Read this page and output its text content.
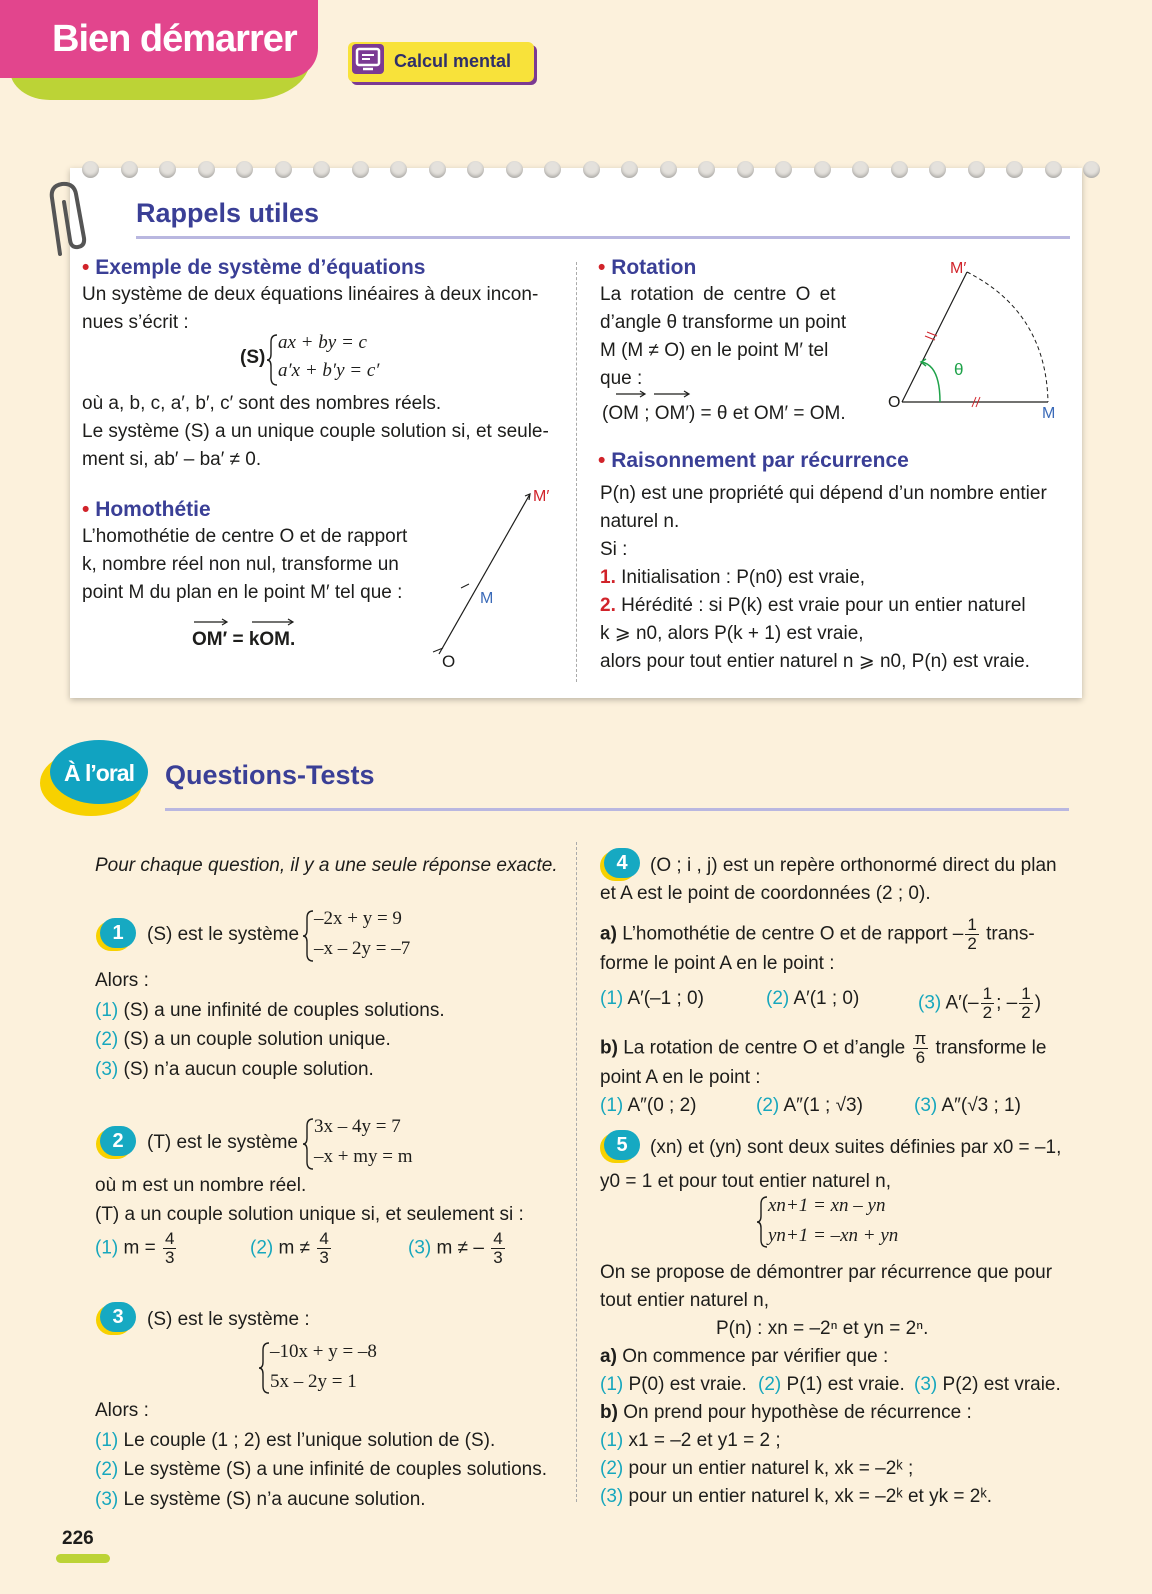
Bien démarrer
Calcul mental
Rappels utiles
• Exemple de système d’équations
Un système de deux équations linéaires à deux incon-
nues s’écrit :
(S)
ax + by = c
a′x + b′y = c′
où a, b, c, a′, b′, c′ sont des nombres réels.
Le système (S) a un unique couple solution si, et seule-
ment si, ab′ – ba′ ≠ 0.
• Homothétie
L’homothétie de centre O et de rapport
k, nombre réel non nul, transforme un
point M du plan en le point M′ tel que :
OM′ = kOM.
O
M
M′
• Rotation
La rotation de centre O et
d’angle θ transforme un point
M (M ≠ O) en le point M′ tel
que :
(OM ; OM′) = θ et OM′ = OM.
O
M
M′
θ
• Raisonnement par récurrence
P(n) est une propriété qui dépend d’un nombre entier
naturel n.
Si :
1. Initialisation : P(n0) est vraie,
2. Hérédité : si P(k) est vraie pour un entier naturel
k ⩾ n0, alors P(k + 1) est vraie,
alors pour tout entier naturel n ⩾ n0, P(n) est vraie.
À l’oral Questions-Tests
Pour chaque question, il y a une seule réponse exacte.
1	(S) est le système
–2x + y = 9
–x – 2y = –7
Alors :
(1) (S) a une infinité de couples solutions.
(2) (S) a un couple solution unique.
(3) (S) n’a aucun couple solution.
2	(T) est le système
3x – 4y = 7
–x + my = m
où m est un nombre réel.
(T) a un couple solution unique si, et seulement si :
(1) $m = \frac{4}{3}$	(2) $m \ne \frac{4}{3}$	(3) m ≠ – $\frac{4}{3}$
3	(S) est le système :
–10x + y = –8
5x – 2y = 1
Alors :
(1) Le couple (1 ; 2) est l’unique solution de (S).
(2) Le système (S) a une infinité de couples solutions.
(3) Le système (S) n’a aucune solution.
4	(O ; i , j) est un repère orthonormé direct du plan
et A est le point de coordonnées (2 ; 0).
a) L’homothétie de centre O et de rapport – $\frac{1}{2}$ trans-
forme le point A en le point :
(1) A′(–1 ; 0)	(2) A′(1 ; 0)	(3) $A'(- \frac{1}{2}$ ; – $\frac{1}{2}$ )
b) La rotation de centre O et d’angle $\frac{\pi}{6}$ transforme le
point A en le point :
(1) A″(0 ; 2)	(2) A″(1 ; √3)	(3) A″(√3 ; 1)
5	(xn) et (yn) sont deux suites définies par x0 = –1,
y0 = 1 et pour tout entier naturel n,
xn+1 = xn – yn
yn+1 = –xn + yn
On se propose de démontrer par récurrence que pour
tout entier naturel n,
P(n) : xn = –2ⁿ et yn = 2ⁿ.
a) On commence par vérifier que :
(1) P(0) est vraie. (2) P(1) est vraie. (3) P(2) est vraie.
b) On prend pour hypothèse de récurrence :
(1) x1 = –2 et y1 = 2 ;
(2) pour un entier naturel k, xk = –2ᵏ ;
(3) pour un entier naturel k, xk = –2ᵏ et yk = 2ᵏ.
226
